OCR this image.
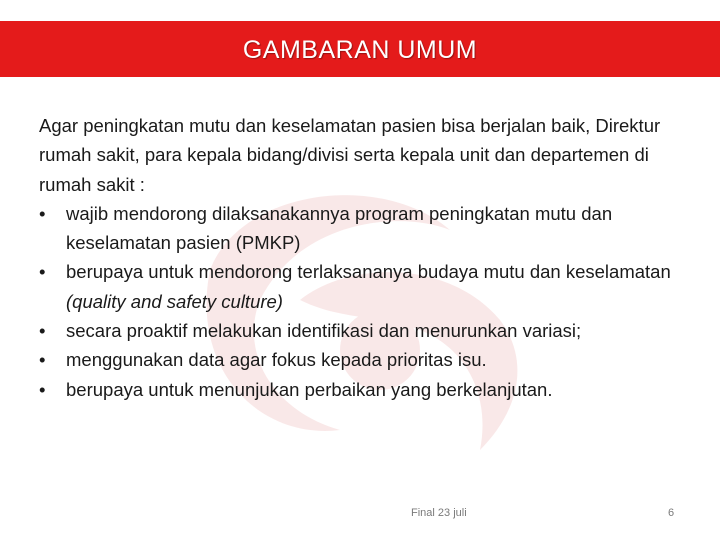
GAMBARAN UMUM

Agar peningkatan mutu dan keselamatan pasien bisa berjalan baik, Direktur rumah sakit, para kepala bidang/divisi serta kepala unit dan departemen di rumah sakit :

• wajib mendorong dilaksanakannya program peningkatan mutu dan keselamatan pasien (PMKP)
• berupaya untuk mendorong terlaksananya budaya mutu dan keselamatan (quality and safety culture)
• secara proaktif melakukan identifikasi dan menurunkan variasi;
• menggunakan data agar fokus kepada prioritas isu.
• berupaya untuk menunjukan perbaikan yang berkelanjutan.
Final 23 juli	6
